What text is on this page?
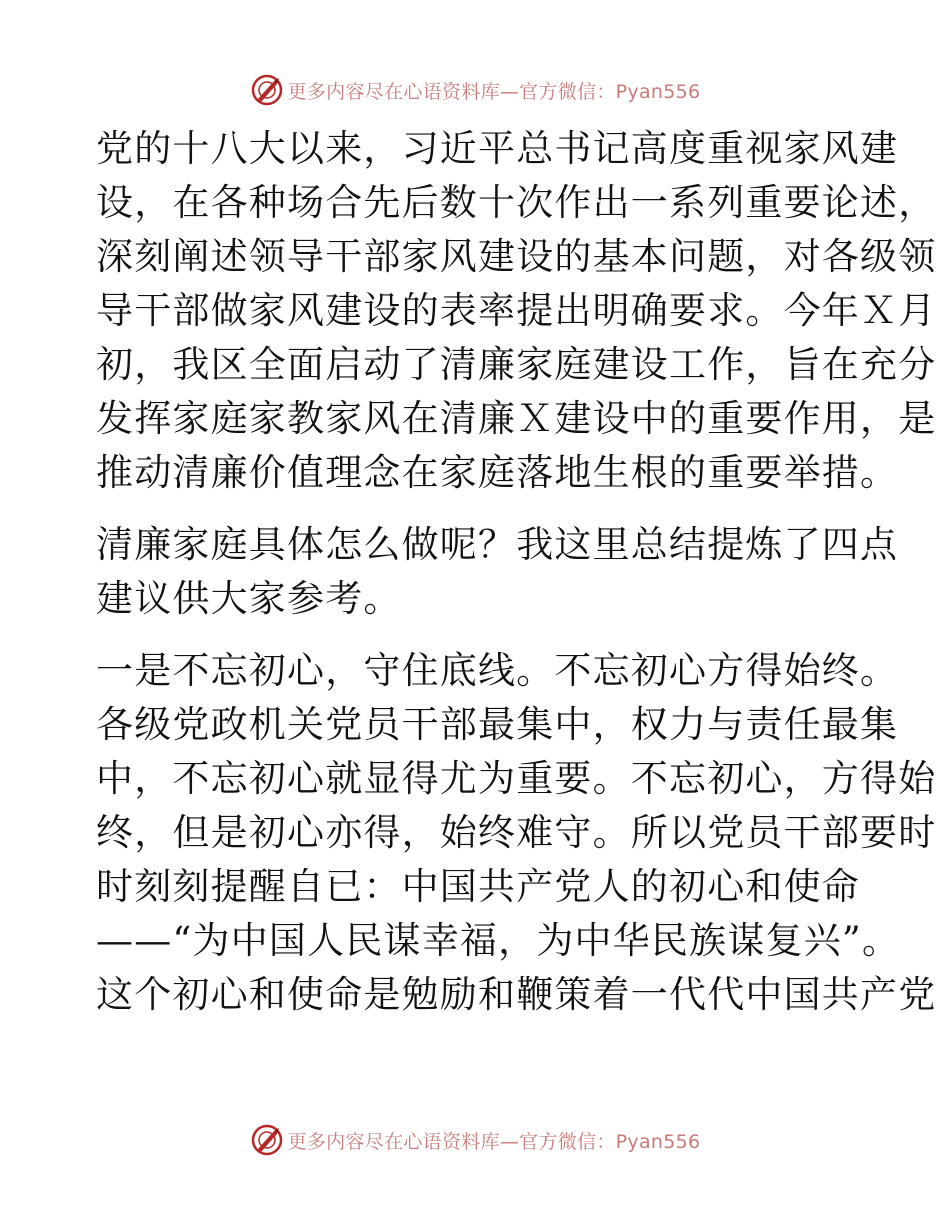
更多内容尽在心语资料库—官方微信：Pyan556
党的十八大以来，习近平总书记高度重视家风建
设，在各种场合先后数十次作出一系列重要论述，
深刻阐述领导干部家风建设的基本问题，对各级领
导干部做家风建设的表率提出明确要求。今年Ｘ月
初，我区全面启动了清廉家庭建设工作，旨在充分
发挥家庭家教家风在清廉Ｘ建设中的重要作用，是
推动清廉价值理念在家庭落地生根的重要举措。
清廉家庭具体怎么做呢？我这里总结提炼了四点
建议供大家参考。
一是不忘初心，守住底线。不忘初心方得始终。
各级党政机关党员干部最集中，权力与责任最集
中，不忘初心就显得尤为重要。不忘初心，方得始
终，但是初心亦得，始终难守。所以党员干部要时
时刻刻提醒自已：中国共产党人的初心和使命
——“为中国人民谋幸福，为中华民族谋复兴”。
这个初心和使命是勉励和鞭策着一代代中国共产党
更多内容尽在心语资料库—官方微信：Pyan556
